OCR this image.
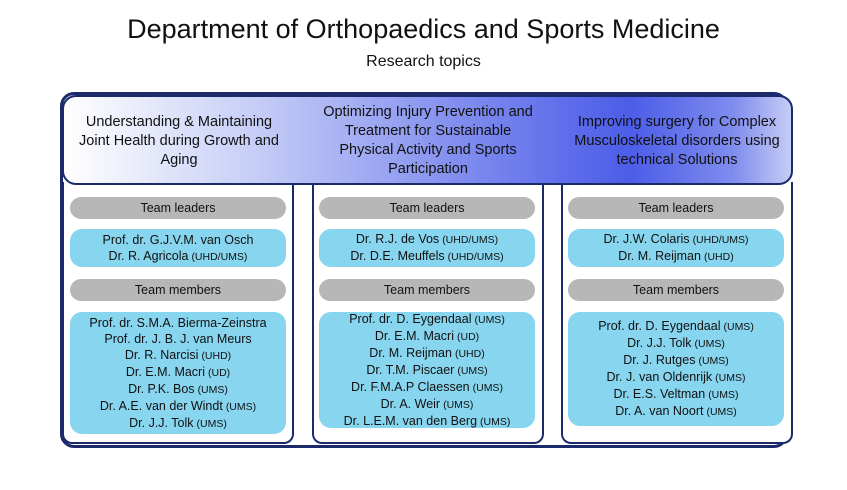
Department of Orthopaedics and Sports Medicine
Research topics
Understanding & Maintaining Joint Health during Growth and Aging
Optimizing Injury Prevention and Treatment for Sustainable Physical Activity and Sports Participation
Improving surgery for Complex Musculoskeletal disorders using technical Solutions
Team leaders
Prof. dr. G.J.V.M. van Osch
Dr. R. Agricola (UHD/UMS)
Team members
Prof. dr. S.M.A. Bierma-Zeinstra
Prof. dr. J. B. J. van Meurs
Dr. R. Narcisi (UHD)
Dr. E.M. Macri (UD)
Dr. P.K. Bos (UMS)
Dr. A.E. van der Windt (UMS)
Dr. J.J. Tolk (UMS)
Team leaders
Dr. R.J. de Vos (UHD/UMS)
Dr. D.E. Meuffels (UHD/UMS)
Team members
Prof. dr. D. Eygendaal (UMS)
Dr. E.M. Macri (UD)
Dr. M. Reijman (UHD)
Dr. T.M. Piscaer (UMS)
Dr. F.M.A.P Claessen (UMS)
Dr. A. Weir (UMS)
Dr. L.E.M. van den Berg (UMS)
Team leaders
Dr. J.W. Colaris (UHD/UMS)
Dr. M. Reijman (UHD)
Team members
Prof. dr. D. Eygendaal (UMS)
Dr. J.J. Tolk (UMS)
Dr. J. Rutges (UMS)
Dr. J. van Oldenrijk (UMS)
Dr. E.S. Veltman (UMS)
Dr. A. van Noort (UMS)
